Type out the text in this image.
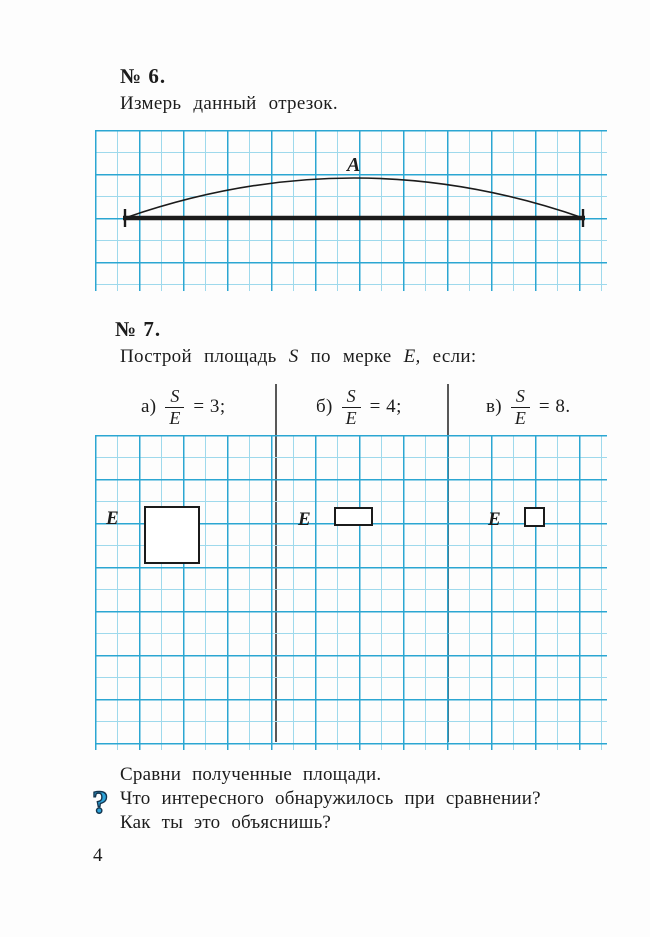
№ 6.
Измерь данный отрезок.
A
№ 7.
Построй площадь S по мерке E, если:
$а) \frac{S}{E} = 3$;	$б) \frac{S}{E} = 4$;	$в) \frac{S}{E} = 8$.
E	E	E
?
Сравни полученные площади.
Что интересного обнаружилось при сравнении?
Как ты это объяснишь?
4
